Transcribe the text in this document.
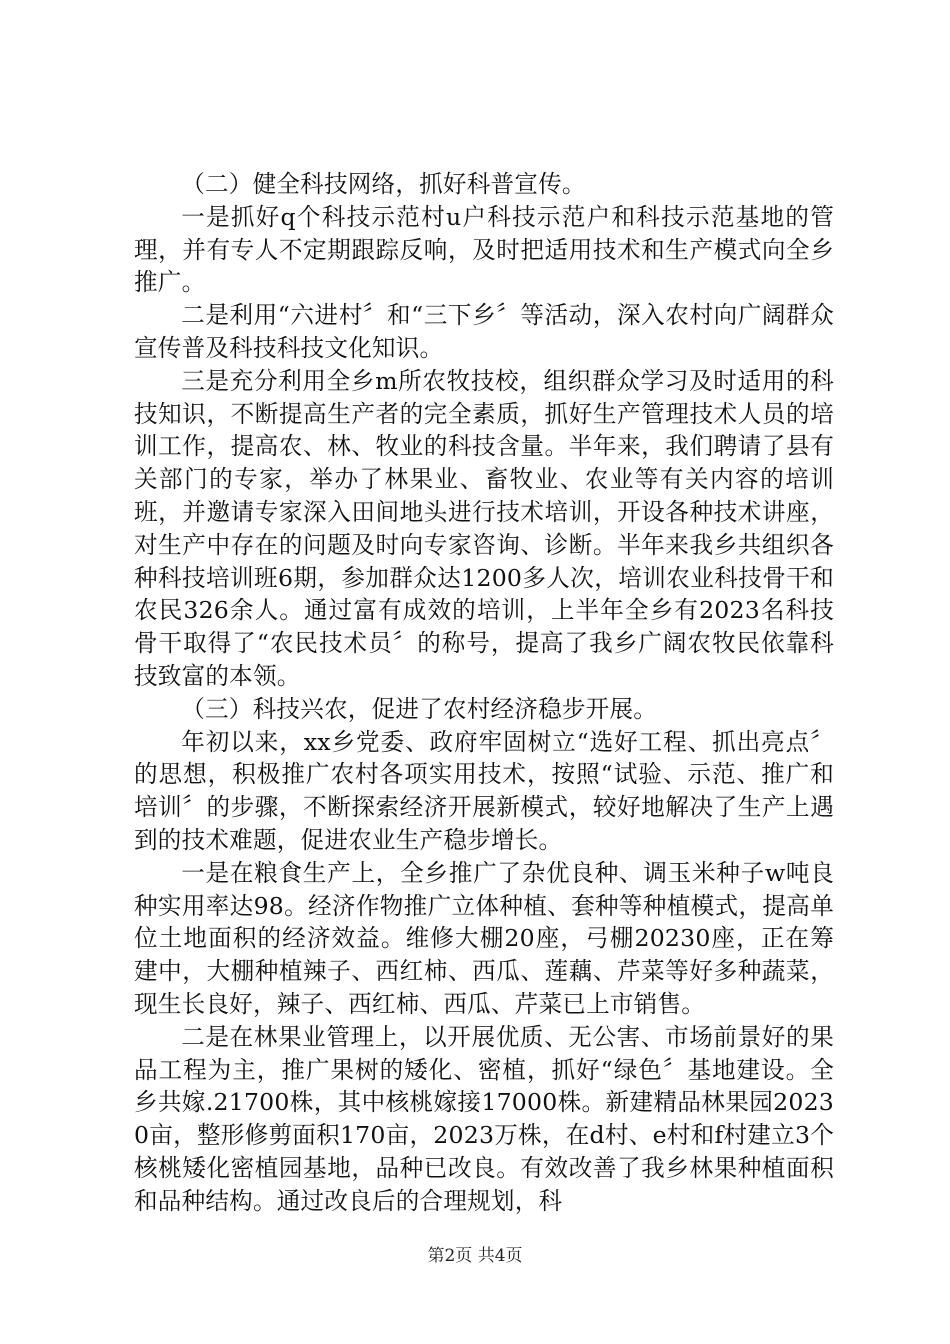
（二）健全科技网络，抓好科普宣传。

一是抓好q个科技示范村u户科技示范户和科技示范基地的管理，并有专人不定期跟踪反响，及时把适用技术和生产模式向全乡推广。

二是利用“六进村〞和“三下乡〞等活动，深入农村向广阔群众宣传普及科技科技文化知识。

三是充分利用全乡m所农牧技校，组织群众学习及时适用的科技知识，不断提高生产者的完全素质，抓好生产管理技术人员的培训工作，提高农、林、牧业的科技含量。半年来，我们聘请了县有关部门的专家，举办了林果业、畜牧业、农业等有关内容的培训班，并邀请专家深入田间地头进行技术培训，开设各种技术讲座，对生产中存在的问题及时向专家咨询、诊断。半年来我乡共组织各种科技培训班6期，参加群众达1200多人次，培训农业科技骨干和农民326余人。通过富有成效的培训，上半年全乡有2023名科技骨干取得了“农民技术员〞的称号，提高了我乡广阔农牧民依靠科技致富的本领。

（三）科技兴农，促进了农村经济稳步开展。

年初以来，xx乡党委、政府牢固树立“选好工程、抓出亮点〞的思想，积极推广农村各项实用技术，按照“试验、示范、推广和培训〞的步骤，不断探索经济开展新模式，较好地解决了生产上遇到的技术难题，促进农业生产稳步增长。

一是在粮食生产上，全乡推广了杂优良种、调玉米种子w吨良种实用率达98。经济作物推广立体种植、套种等种植模式，提高单位土地面积的经济效益。维修大棚20座，弓棚20230座，正在筹建中，大棚种植辣子、西红柿、西瓜、莲藕、芹菜等好多种蔬菜，现生长良好，辣子、西红柿、西瓜、芹菜已上市销售。

二是在林果业管理上，以开展优质、无公害、市场前景好的果品工程为主，推广果树的矮化、密植，抓好“绿色〞基地建设。全乡共嫁.21700株，其中核桃嫁接17000株。新建精品林果园20230亩，整形修剪面积170亩，2023万株，在d村、e村和f村建立3个核桃矮化密植园基地，品种已改良。有效改善了我乡林果种植面积和品种结构。通过改良后的合理规划，科

第2页 共4页
